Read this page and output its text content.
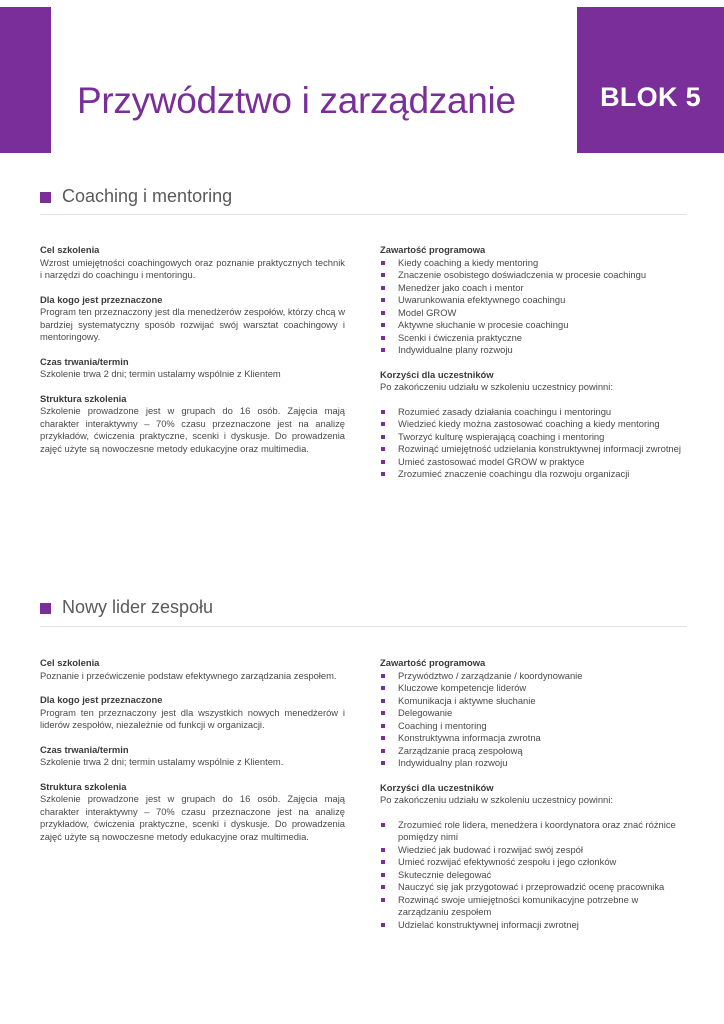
Przywództwo i zarządzanie	BLOK 5
Coaching i mentoring
Cel szkolenia

Wzrost umiejętności coachingowych oraz poznanie praktycznych technik i narzędzi do coachingu i mentoringu.

Dla kogo jest przeznaczone

Program ten przeznaczony jest dla menedżerów zespołów, którzy chcą w bardziej systematyczny sposób rozwijać swój warsztat coachingowy i mentoringowy.

Czas trwania/termin

Szkolenie trwa 2 dni; termin ustalamy wspólnie z Klientem

Struktura szkolenia

Szkolenie prowadzone jest w grupach do 16 osób. Zajęcia mają charakter interaktywny – 70% czasu przeznaczone jest na analizę przykładów, ćwiczenia praktyczne, scenki i dyskusje. Do prowadzenia zajęć użyte są nowoczesne metody edukacyjne oraz multimedia.

Zawartość programowa
Kiedy coaching a kiedy mentoring
Znaczenie osobistego doświadczenia w procesie coachingu
Menedżer jako coach i mentor
Uwarunkowania efektywnego coachingu
Model GROW
Aktywne słuchanie w procesie coachingu
Scenki i ćwiczenia praktyczne
Indywidualne plany rozwoju
Korzyści dla uczestników

Po zakończeniu udziału w szkoleniu uczestnicy powinni:

Rozumieć zasady działania coachingu i mentoringu
Wiedzieć kiedy można zastosować coaching a kiedy mentoring
Tworzyć kulturę wspierającą coaching i mentoring
Rozwinąć umiejętność udzielania konstruktywnej informacji zwrotnej
Umieć zastosować model GROW w praktyce
Zrozumieć znaczenie coachingu dla rozwoju organizacji
Nowy lider zespołu
Cel szkolenia

Poznanie i przećwiczenie podstaw efektywnego zarządzania zespołem.

Dla kogo jest przeznaczone

Program ten przeznaczony jest dla wszystkich nowych menedżerów i liderów zespołów, niezależnie od funkcji w organizacji.

Czas trwania/termin

Szkolenie trwa 2 dni; termin ustalamy wspólnie z Klientem.

Struktura szkolenia

Szkolenie prowadzone jest w grupach do 16 osób. Zajęcia mają charakter interaktywny – 70% czasu przeznaczone jest na analizę przykładów, ćwiczenia praktyczne, scenki i dyskusje. Do prowadzenia zajęć użyte są nowoczesne metody edukacyjne oraz multimedia.

Zawartość programowa
Przywództwo / zarządzanie / koordynowanie
Kluczowe kompetencje liderów
Komunikacja i aktywne słuchanie
Delegowanie
Coaching i mentoring
Konstruktywna informacja zwrotna
Zarządzanie pracą zespołową
Indywidualny plan rozwoju
Korzyści dla uczestników

Po zakończeniu udziału w szkoleniu uczestnicy powinni:

Zrozumieć role lidera, menedżera i koordynatora oraz znać różnice pomiędzy nimi
Wiedzieć jak budować i rozwijać swój zespół
Umieć rozwijać efektywność zespołu i jego członków
Skutecznie delegować
Nauczyć się jak przygotować i przeprowadzić ocenę pracownika
Rozwinąć swoje umiejętności komunikacyjne potrzebne w zarządzaniu zespołem
Udzielać konstruktywnej informacji zwrotnej
